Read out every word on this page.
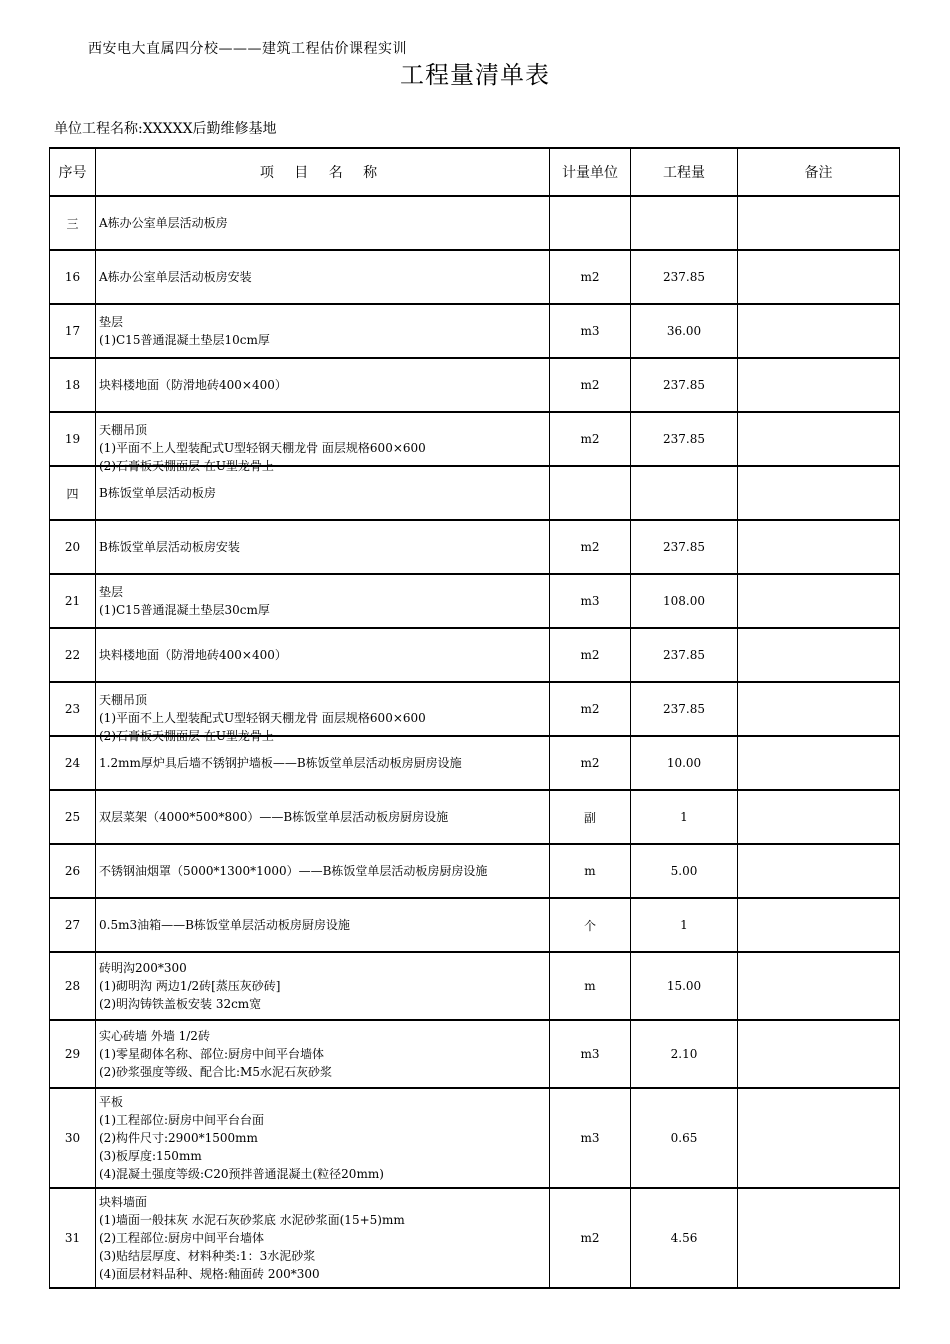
西安电大直属四分校———建筑工程估价课程实训
工程量清单表
单位工程名称:XXXXX后勤维修基地
序号	项 目 名 称	计量单位	工程量	备注
三	A栋办公室单层活动板房			

16	A栋办公室单层活动板房安装	m2	237.85	
17	垫层
(1)C15普通混凝土垫层10cm厚	m3	36.00	
18	块料楼地面（防滑地砖400×400）	m2	237.85	
19	天棚吊顶
(1)平面不上人型装配式U型轻钢天棚龙骨 面层规格600×600
(2)石膏板天棚面层 在U型龙骨上	m2	237.85	
四	B栋饭堂单层活动板房			

20	B栋饭堂单层活动板房安装	m2	237.85	
21	垫层
(1)C15普通混凝土垫层30cm厚	m3	108.00	
22	块料楼地面（防滑地砖400×400）	m2	237.85	
23	天棚吊顶
(1)平面不上人型装配式U型轻钢天棚龙骨 面层规格600×600
(2)石膏板天棚面层 在U型龙骨上	m2	237.85	
24	1.2mm厚炉具后墙不锈钢护墙板——B栋饭堂单层活动板房厨房设施	m2	10.00	
25	双层菜架（4000*500*800）——B栋饭堂单层活动板房厨房设施	副	1	
26	不锈钢油烟罩（5000*1300*1000）——B栋饭堂单层活动板房厨房设施	m	5.00	
27	0.5m3油箱——B栋饭堂单层活动板房厨房设施	个	1	
28	砖明沟200*300
(1)砌明沟 两边1/2砖[蒸压灰砂砖]
(2)明沟铸铁盖板安装 32cm宽	m	15.00	
29	实心砖墙 外墙 1/2砖
(1)零星砌体名称、部位:厨房中间平台墙体
(2)砂浆强度等级、配合比:M5水泥石灰砂浆	m3	2.10	
30	平板
(1)工程部位:厨房中间平台台面
(2)构件尺寸:2900*1500mm
(3)板厚度:150mm
(4)混凝土强度等级:C20预拌普通混凝土(粒径20mm)	m3	0.65	
31	块料墙面
(1)墙面一般抹灰 水泥石灰砂浆底 水泥砂浆面(15+5)mm
(2)工程部位:厨房中间平台墙体
(3)贴结层厚度、材料种类:1：3水泥砂浆
(4)面层材料品种、规格:釉面砖 200*300	m2	4.56	
